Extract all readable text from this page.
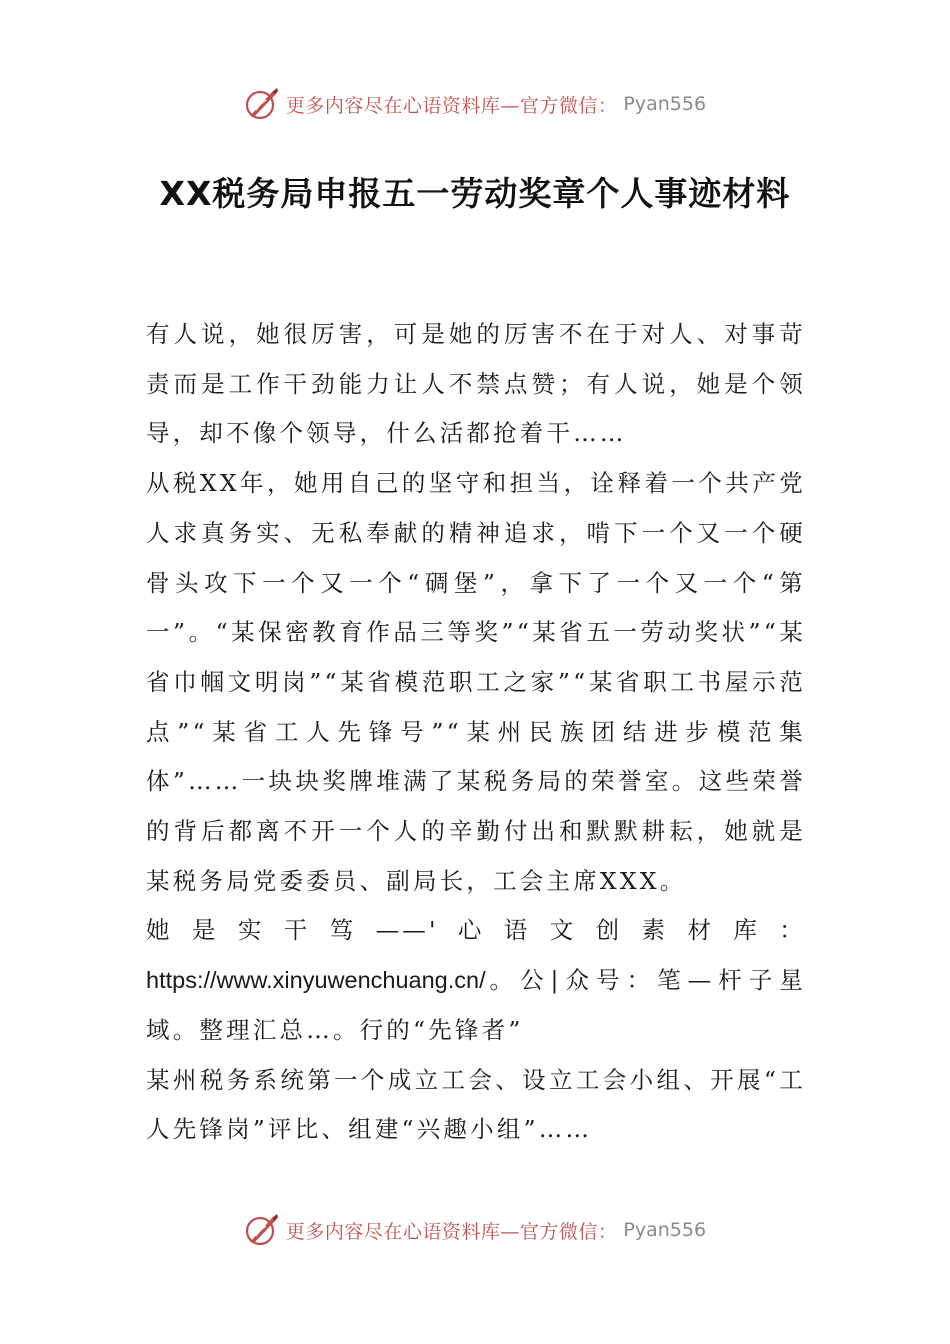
更多内容尽在心语资料库—官方微信： Pyan556
XX税务局申报五一劳动奖章个人事迹材料

有人说，她很厉害，可是她的厉害不在于对人、对事苛责而是工作干劲能力让人不禁点赞；有人说，她是个领导，却不像个领导，什么活都抢着干……

从税XX年，她用自己的坚守和担当，诠释着一个共产党人求真务实、无私奉献的精神追求，啃下一个又一个硬骨头攻下一个又一个“碉堡”，拿下了一个又一个“第一”。“某保密教育作品三等奖”“某省五一劳动奖状”“某省巾帼文明岗”“某省模范职工之家”“某省职工书屋示范点”“某省工人先锋号”“某州民族团结进步模范集体”……一块块奖牌堆满了某税务局的荣誉室。这些荣誉的背后都离不开一个人的辛勤付出和默默耕耘，她就是某税务局党委委员、副局长，工会主席XXX。

她是实干笃——'心语文创素材库：https://www.xinyuwenchuang.cn/。公|众号：笔—杆子星域。整理汇总…。行的“先锋者”

某州税务系统第一个成立工会、设立工会小组、开展“工人先锋岗”评比、组建“兴趣小组”……

更多内容尽在心语资料库—官方微信： Pyan556
